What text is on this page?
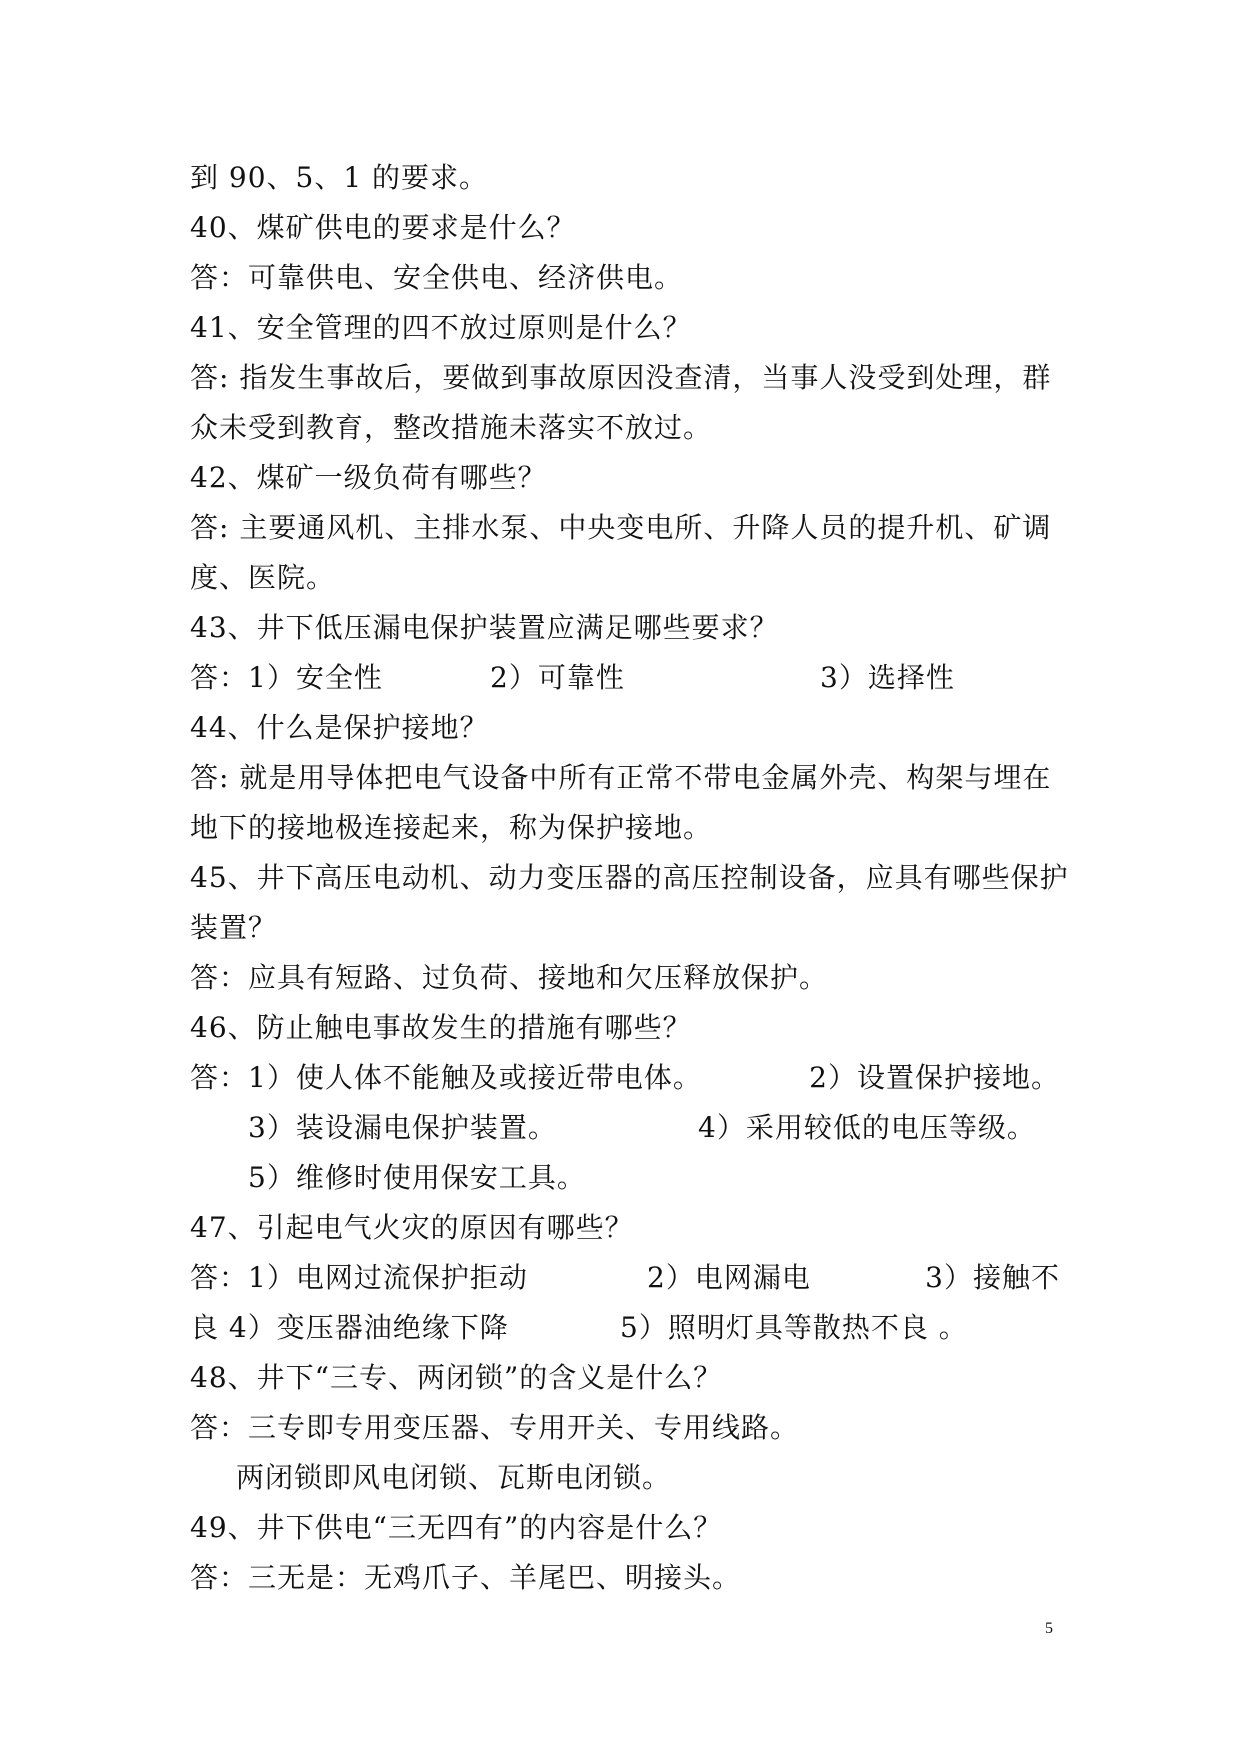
到 90、5、1 的要求。
40、煤矿供电的要求是什么？
答：可靠供电、安全供电、经济供电。
41、安全管理的四不放过原则是什么？
答: 指发生事故后，要做到事故原因没查清，当事人没受到处理，群
众未受到教育，整改措施未落实不放过。
42、煤矿一级负荷有哪些？
答: 主要通风机、主排水泵、中央变电所、升降人员的提升机、矿调
度、医院。
43、井下低压漏电保护装置应满足哪些要求？
答：1）安全性	2）可靠性	3）选择性
44、什么是保护接地？
答: 就是用导体把电气设备中所有正常不带电金属外壳、构架与埋在
地下的接地极连接起来，称为保护接地。
45、井下高压电动机、动力变压器的高压控制设备，应具有哪些保护
装置？
答：应具有短路、过负荷、接地和欠压释放保护。
46、防止触电事故发生的措施有哪些？
答：1）使人体不能触及或接近带电体。	2）设置保护接地。
3）装设漏电保护装置。	4）采用较低的电压等级。
5）维修时使用保安工具。
47、引起电气火灾的原因有哪些？
答：1）电网过流保护拒动	2）电网漏电	3）接触不
良 4）变压器油绝缘下降	5）照明灯具等散热不良 。
48、井下“三专、两闭锁”的含义是什么？
答：三专即专用变压器、专用开关、专用线路。
两闭锁即风电闭锁、瓦斯电闭锁。
49、井下供电“三无四有”的内容是什么？
答：三无是：无鸡爪子、羊尾巴、明接头。
5
